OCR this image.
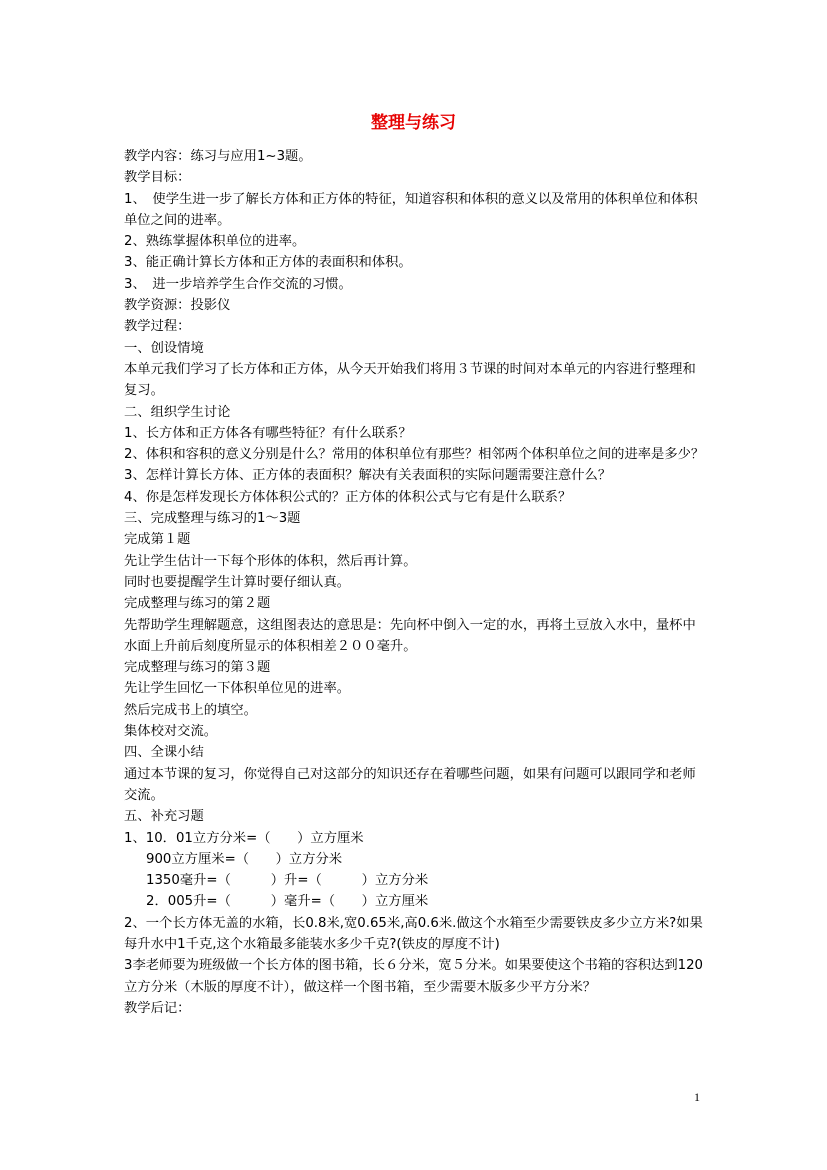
整理与练习

教学内容：练习与应用1~3题。

教学目标：

1、　使学生进一步了解长方体和正方体的特征，知道容积和体积的意义以及常用的体积单位和体积单位之间的进率。

2、熟练掌握体积单位的进率。

3、能正确计算长方体和正方体的表面积和体积。

3、　进一步培养学生合作交流的习惯。

教学资源：投影仪

教学过程：

一、创设情境

本单元我们学习了长方体和正方体，从今天开始我们将用３节课的时间对本单元的内容进行整理和复习。

二、组织学生讨论

1、长方体和正方体各有哪些特征？有什么联系？

2、体积和容积的意义分别是什么？常用的体积单位有那些？相邻两个体积单位之间的进率是多少？

3、怎样计算长方体、正方体的表面积？解决有关表面积的实际问题需要注意什么？

4、你是怎样发现长方体体积公式的？正方体的体积公式与它有是什么联系？

三、完成整理与练习的1～3题

完成第１题

先让学生估计一下每个形体的体积，然后再计算。

同时也要提醒学生计算时要仔细认真。

完成整理与练习的第２题

先帮助学生理解题意，这组图表达的意思是：先向杯中倒入一定的水，再将土豆放入水中，量杯中水面上升前后刻度所显示的体积相差２００毫升。

完成整理与练习的第３题

先让学生回忆一下体积单位见的进率。

然后完成书上的填空。

集体校对交流。

四、全课小结

通过本节课的复习，你觉得自己对这部分的知识还存在着哪些问题，如果有问题可以跟同学和老师交流。

五、补充习题

1、10．01立方分米=（　　）立方厘米

900立方厘米=（　　）立方分米

1350毫升=（　　　）升=（　　　）立方分米

2．005升=（　　　）毫升=（　　）立方厘米

2、一个长方体无盖的水箱，长0.8米,宽0.65米,高0.6米.做这个水箱至少需要铁皮多少立方米?如果每升水中1千克,这个水箱最多能装水多少千克?(铁皮的厚度不计)

3李老师要为班级做一个长方体的图书箱，长６分米，宽５分米。如果要使这个书箱的容积达到120立方分米（木版的厚度不计），做这样一个图书箱，至少需要木版多少平方分米？

教学后记：

1
